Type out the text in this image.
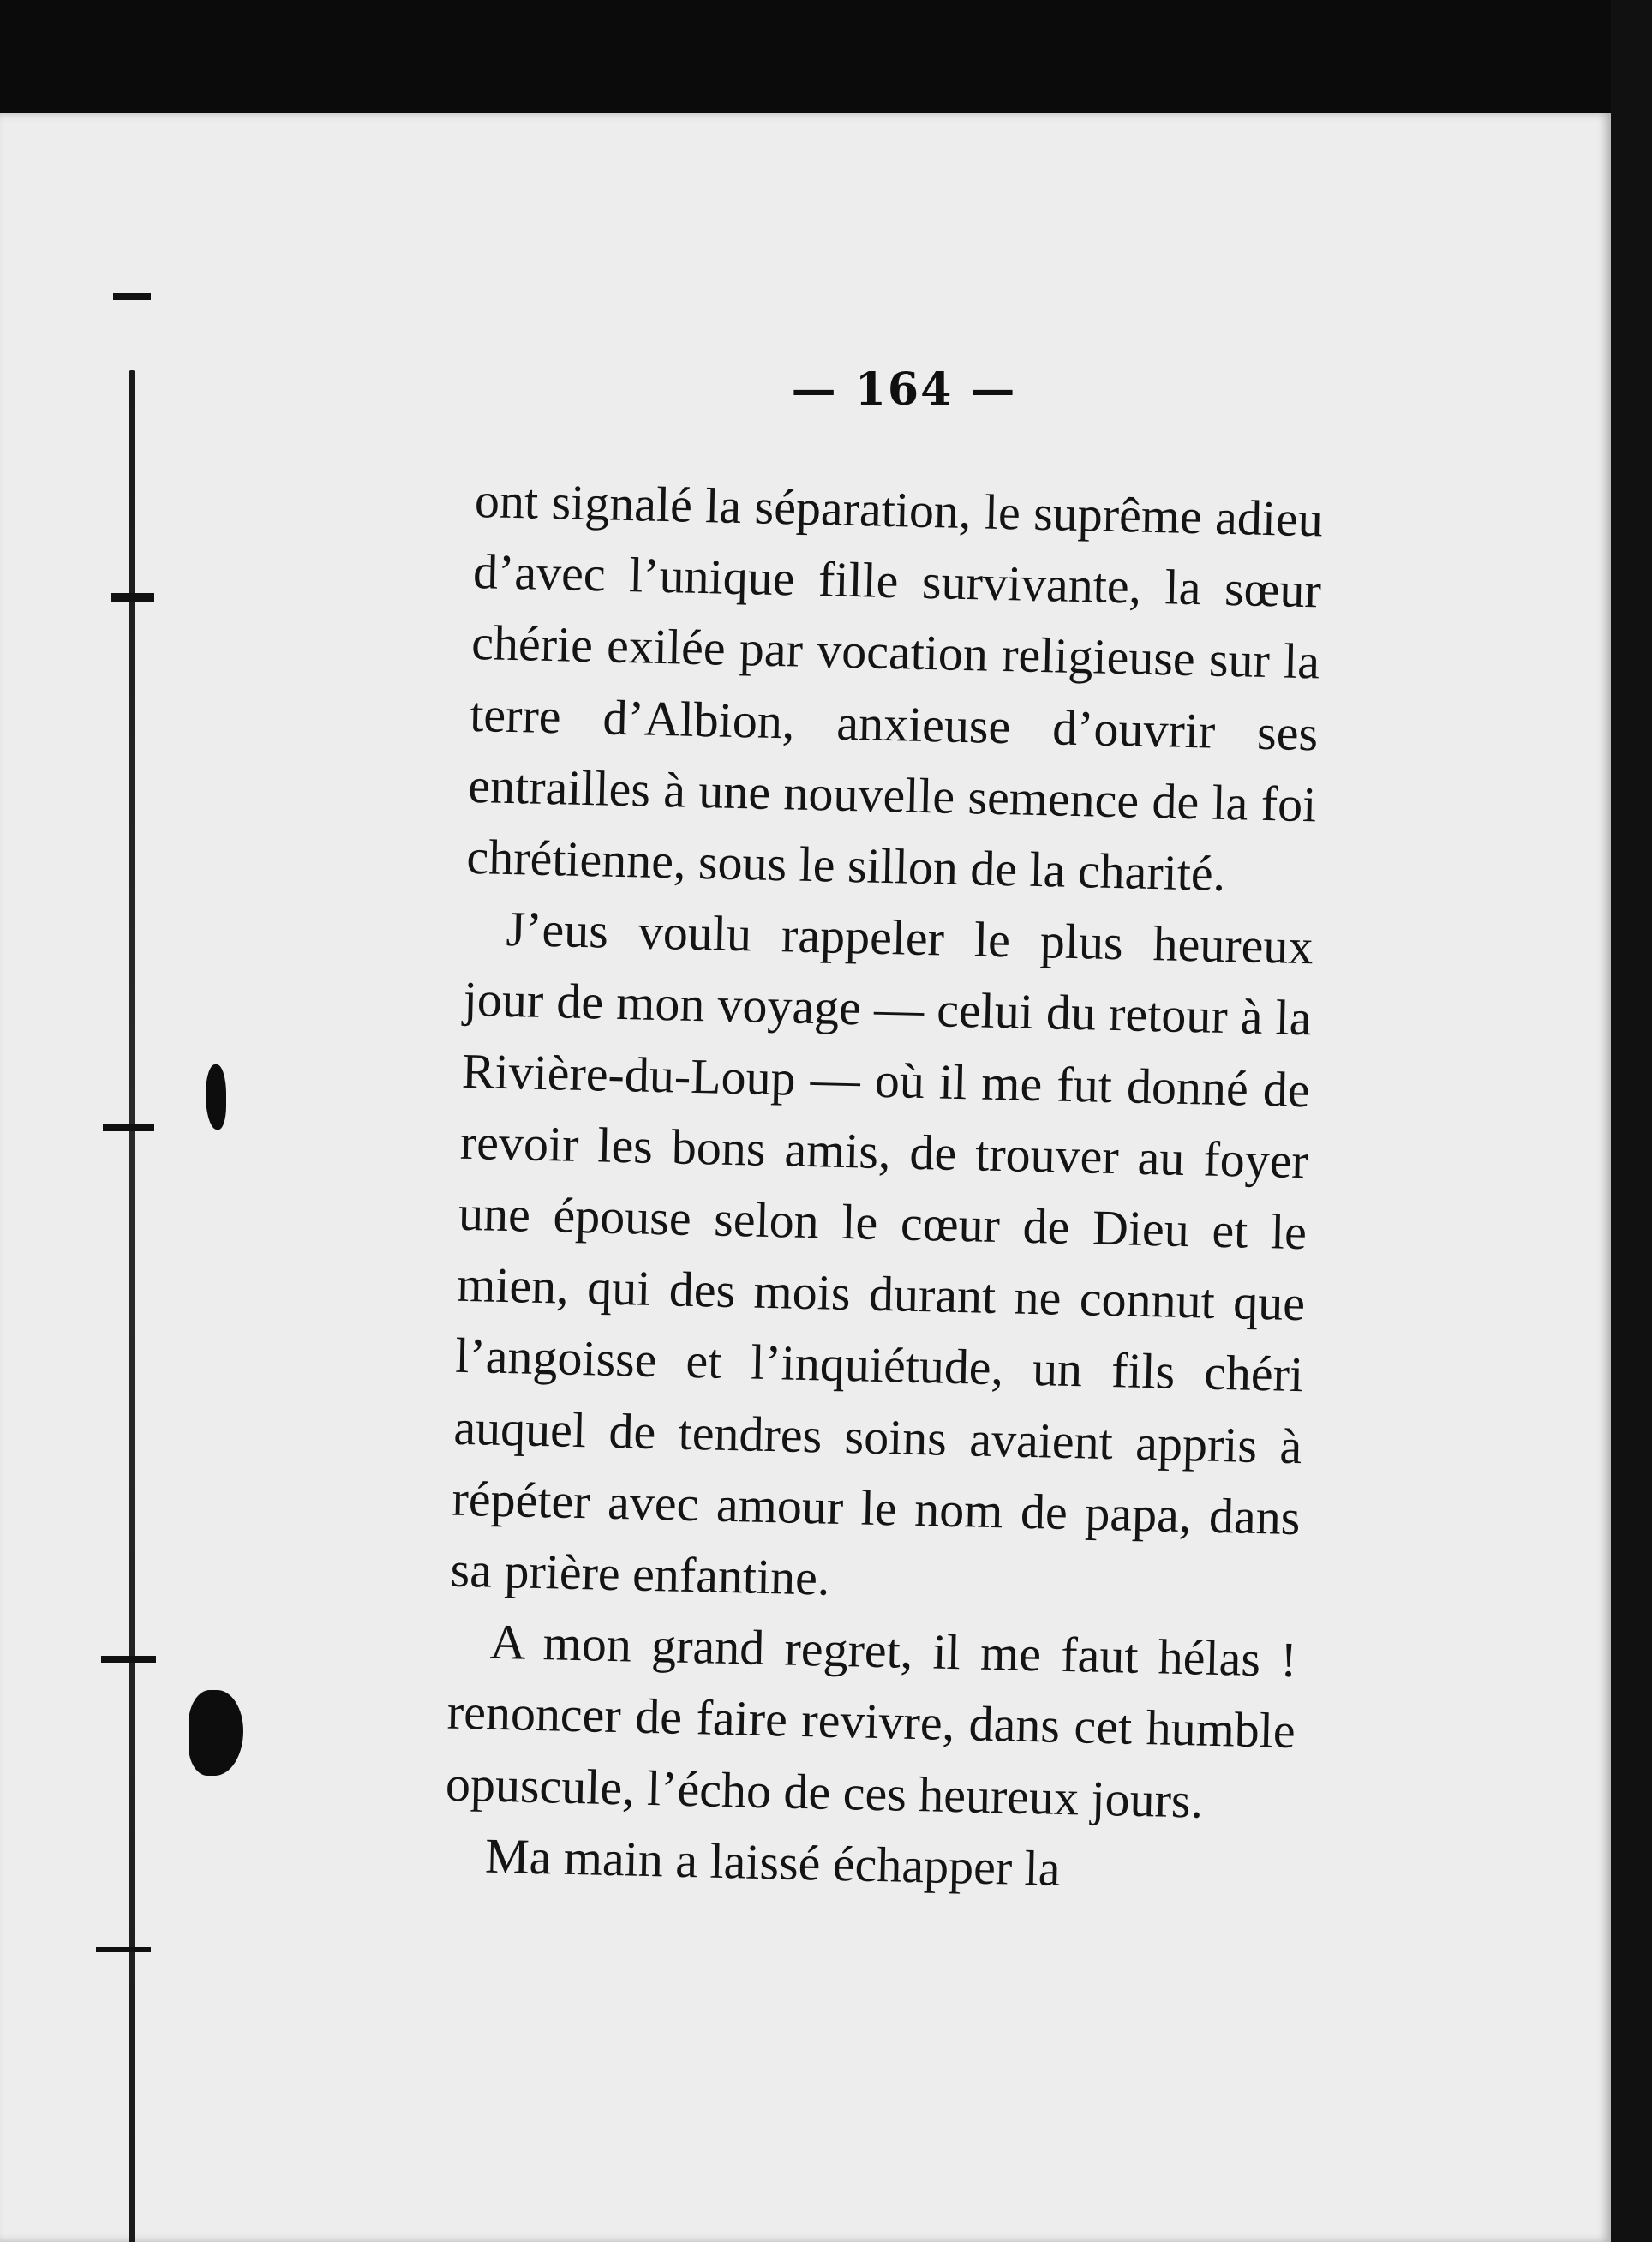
— 164 —

ont signalé la séparation, le suprême adieu d’avec l’unique fille survivante, la sœur chérie exilée par vocation religieuse sur la terre d’Albion, anxieuse d’ouvrir ses entrailles à une nouvelle semence de la foi chrétienne, sous le sillon de la charité.

J’eus voulu rappeler le plus heureux jour de mon voyage — celui du retour à la Rivière-du-Loup — où il me fut donné de revoir les bons amis, de trouver au foyer une épouse selon le cœur de Dieu et le mien, qui des mois durant ne connut que l’angoisse et l’inquiétude, un fils chéri auquel de tendres soins avaient appris à répéter avec amour le nom de papa, dans sa prière enfantine.

A mon grand regret, il me faut hélas ! renoncer de faire revivre, dans cet humble opuscule, l’écho de ces heureux jours.

Ma main a laissé échapper la
